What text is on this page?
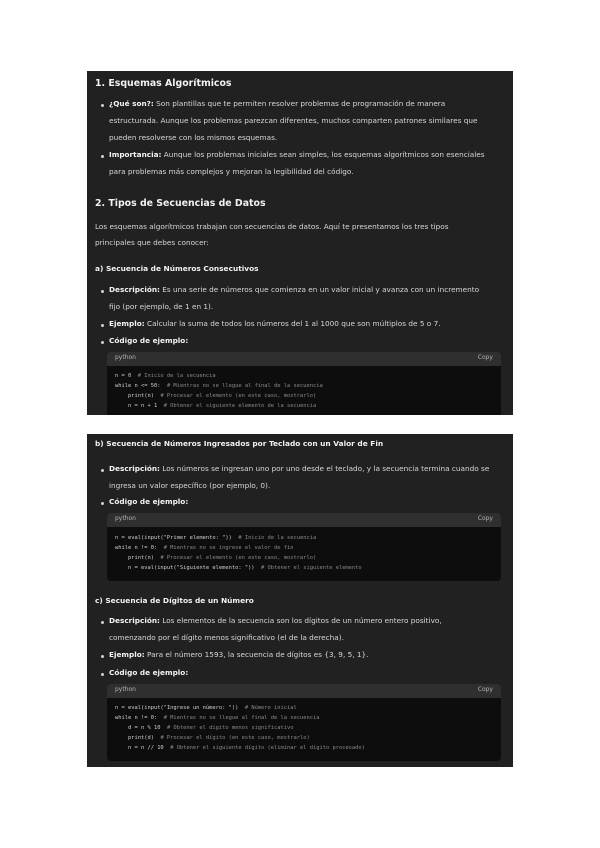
1. Esquemas Algorítmicos
¿Qué son?: Son plantillas que te permiten resolver problemas de programación de manera
estructurada. Aunque los problemas parezcan diferentes, muchos comparten patrones similares que
pueden resolverse con los mismos esquemas.
Importancia: Aunque los problemas iniciales sean simples, los esquemas algorítmicos son esenciales
para problemas más complejos y mejoran la legibilidad del código.
2. Tipos de Secuencias de Datos
Los esquemas algorítmicos trabajan con secuencias de datos. Aquí te presentamos los tres tipos
principales que debes conocer:
a) Secuencia de Números Consecutivos
Descripción: Es una serie de números que comienza en un valor inicial y avanza con un incremento
fijo (por ejemplo, de 1 en 1).
Ejemplo: Calcular la suma de todos los números del 1 al 1000 que son múltiplos de 5 o 7.
Código de ejemplo:
python	Copy
n = 0  # Inicio de la secuencia
while n <= 50:  # Mientras no se llegue al final de la secuencia
print(n)  # Procesar el elemento (en este caso, mostrarlo)
n = n + 1  # Obtener el siguiente elemento de la secuencia
b) Secuencia de Números Ingresados por Teclado con un Valor de Fin
Descripción: Los números se ingresan uno por uno desde el teclado, y la secuencia termina cuando se
ingresa un valor específico (por ejemplo, 0).
Código de ejemplo:
python	Copy
n = eval(input("Primer elemento: "))  # Inicio de la secuencia
while n != 0:  # Mientras no se ingrese el valor de fin
print(n)  # Procesar el elemento (en este caso, mostrarlo)
n = eval(input("Siguiente elemento: "))  # Obtener el siguiente elemento
c) Secuencia de Dígitos de un Número
Descripción: Los elementos de la secuencia son los dígitos de un número entero positivo,
comenzando por el dígito menos significativo (el de la derecha).
Ejemplo: Para el número 1593, la secuencia de dígitos es {3, 9, 5, 1}.
Código de ejemplo:
python	Copy
n = eval(input("Ingrese un número: "))  # Número inicial
while n != 0:  # Mientras no se llegue al final de la secuencia
d = n % 10  # Obtener el dígito menos significativo
print(d)  # Procesar el dígito (en este caso, mostrarlo)
n = n // 10  # Obtener el siguiente dígito (eliminar el dígito procesado)
